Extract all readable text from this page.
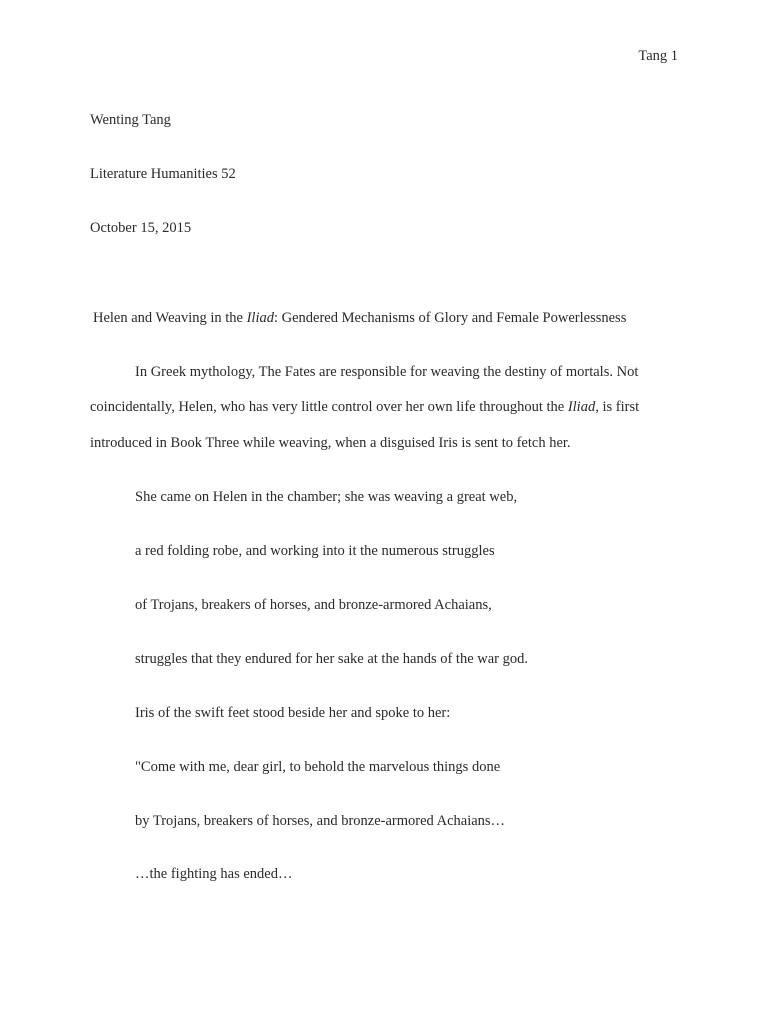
Tang 1
Wenting Tang
Literature Humanities 52
October 15, 2015
Helen and Weaving in the Iliad: Gendered Mechanisms of Glory and Female Powerlessness
In Greek mythology, The Fates are responsible for weaving the destiny of mortals. Not
coincidentally, Helen, who has very little control over her own life throughout the Iliad, is first
introduced in Book Three while weaving, when a disguised Iris is sent to fetch her.
She came on Helen in the chamber; she was weaving a great web,
a red folding robe, and working into it the numerous struggles
of Trojans, breakers of horses, and bronze-armored Achaians,
struggles that they endured for her sake at the hands of the war god.
Iris of the swift feet stood beside her and spoke to her:
"Come with me, dear girl, to behold the marvelous things done
by Trojans, breakers of horses, and bronze-armored Achaians…
…the fighting has ended…
